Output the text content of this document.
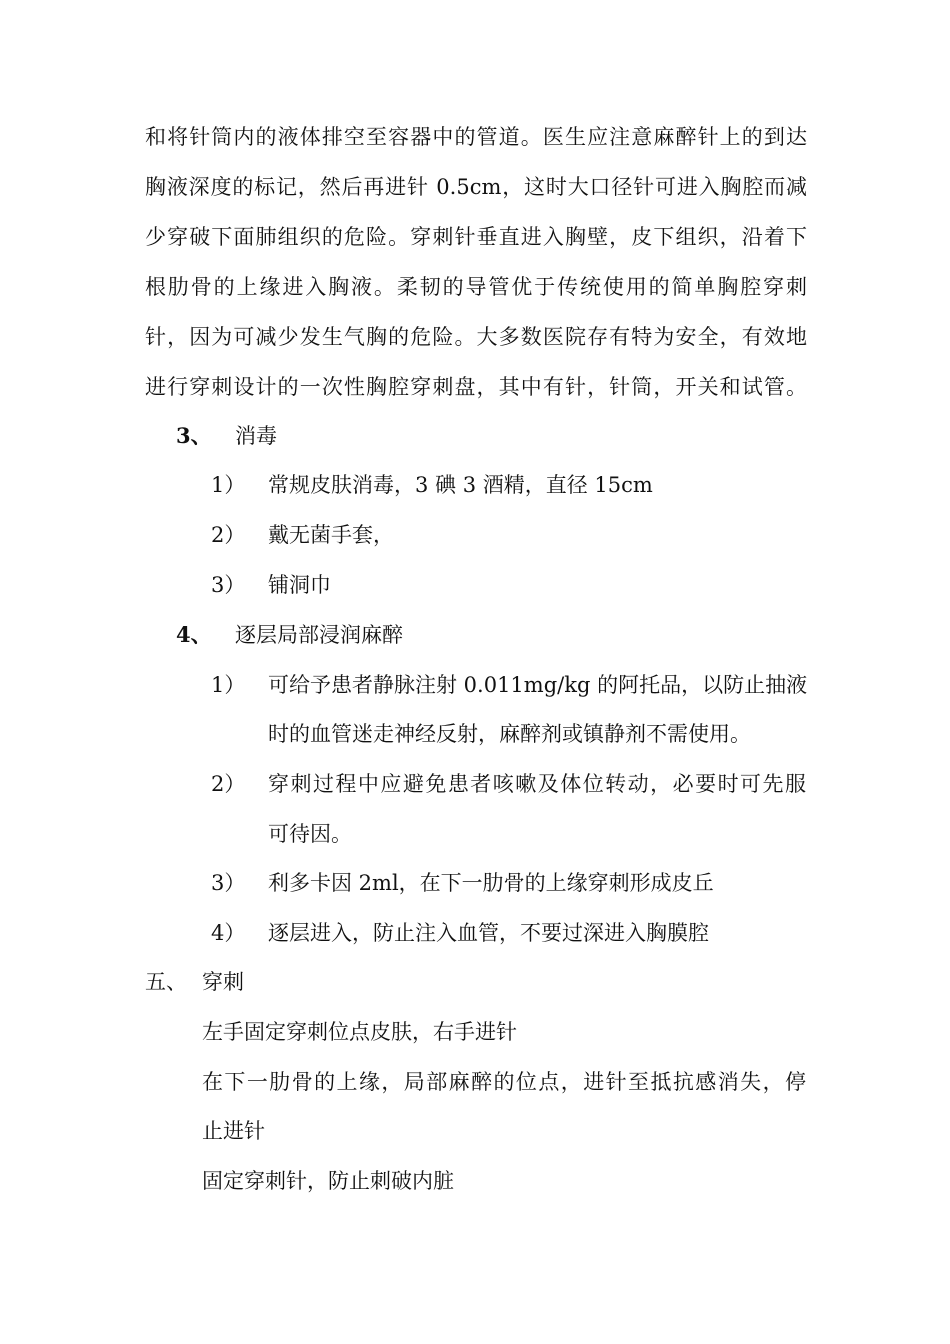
和将针筒内的液体排空至容器中的管道。医生应注意麻醉针上的到达
胸液深度的标记，然后再进针 0.5cm，这时大口径针可进入胸腔而减
少穿破下面肺组织的危险。穿刺针垂直进入胸壁，皮下组织，沿着下
根肋骨的上缘进入胸液。柔韧的导管优于传统使用的简单胸腔穿刺
针，因为可减少发生气胸的危险。大多数医院存有特为安全，有效地
进行穿刺设计的一次性胸腔穿刺盘，其中有针，针筒，开关和试管。
3、 消毒
1） 常规皮肤消毒，3 碘 3 酒精，直径 15cm
2） 戴无菌手套，
3） 铺洞巾
4、 逐层局部浸润麻醉
1） 可给予患者静脉注射 0.011mg/kg 的阿托品，以防止抽液
时的血管迷走神经反射，麻醉剂或镇静剂不需使用。
2） 穿刺过程中应避免患者咳嗽及体位转动，必要时可先服
可待因。
3） 利多卡因 2ml，在下一肋骨的上缘穿刺形成皮丘
4） 逐层进入，防止注入血管，不要过深进入胸膜腔
五、 穿刺
左手固定穿刺位点皮肤，右手进针
在下一肋骨的上缘，局部麻醉的位点，进针至抵抗感消失，停
止进针
固定穿刺针，防止刺破内脏
